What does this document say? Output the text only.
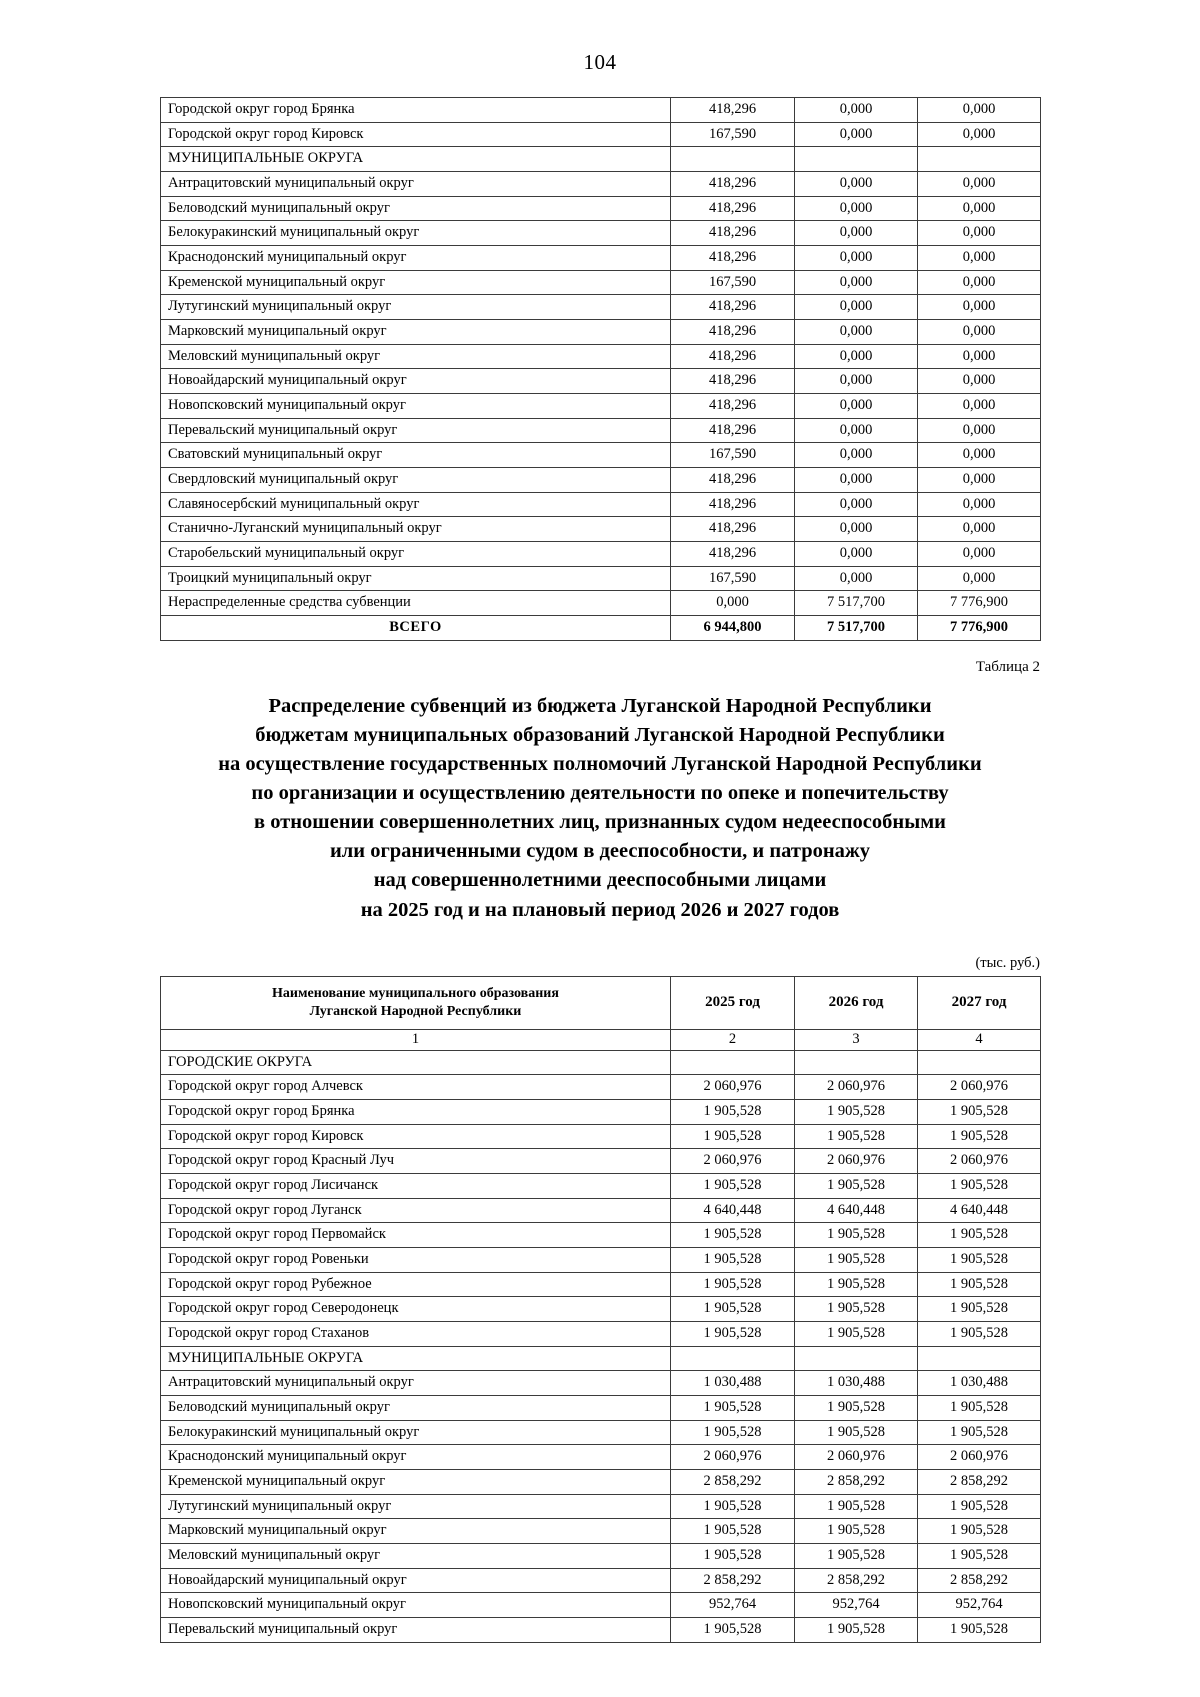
104
Городской округ город Брянка	418,296	0,000	0,000
Городской округ город Кировск	167,590	0,000	0,000
МУНИЦИПАЛЬНЫЕ ОКРУГА			
Антрацитовский муниципальный округ	418,296	0,000	0,000
Беловодский муниципальный округ	418,296	0,000	0,000
Белокуракинский муниципальный округ	418,296	0,000	0,000
Краснодонский муниципальный округ	418,296	0,000	0,000
Кременской муниципальный округ	167,590	0,000	0,000
Лутугинский муниципальный округ	418,296	0,000	0,000
Марковский муниципальный округ	418,296	0,000	0,000
Меловский муниципальный округ	418,296	0,000	0,000
Новоайдарский муниципальный округ	418,296	0,000	0,000
Новопсковский муниципальный округ	418,296	0,000	0,000
Перевальский муниципальный округ	418,296	0,000	0,000
Сватовский муниципальный округ	167,590	0,000	0,000
Свердловский муниципальный округ	418,296	0,000	0,000
Славяносербский муниципальный округ	418,296	0,000	0,000
Станично-Луганский муниципальный округ	418,296	0,000	0,000
Старобельский муниципальный округ	418,296	0,000	0,000
Троицкий муниципальный округ	167,590	0,000	0,000
Нераспределенные средства субвенции	0,000	7 517,700	7 776,900
ВСЕГО	6 944,800	7 517,700	7 776,900
Таблица 2
Распределение субвенций из бюджета Луганской Народной Республики
бюджетам муниципальных образований Луганской Народной Республики
на осуществление государственных полномочий Луганской Народной Республики
по организации и осуществлению деятельности по опеке и попечительству
в отношении совершеннолетних лиц, признанных судом недееспособными
или ограниченными судом в дееспособности, и патронажу
над совершеннолетними дееспособными лицами
на 2025 год и на плановый период 2026 и 2027 годов
(тыс. руб.)
Наименование муниципального образования
Луганской Народной Республики	2025 год	2026 год	2027 год
1	2	3	4
ГОРОДСКИЕ ОКРУГА			
Городской округ город Алчевск	2 060,976	2 060,976	2 060,976
Городской округ город Брянка	1 905,528	1 905,528	1 905,528
Городской округ город Кировск	1 905,528	1 905,528	1 905,528
Городской округ город Красный Луч	2 060,976	2 060,976	2 060,976
Городской округ город Лисичанск	1 905,528	1 905,528	1 905,528
Городской округ город Луганск	4 640,448	4 640,448	4 640,448
Городской округ город Первомайск	1 905,528	1 905,528	1 905,528
Городской округ город Ровеньки	1 905,528	1 905,528	1 905,528
Городской округ город Рубежное	1 905,528	1 905,528	1 905,528
Городской округ город Северодонецк	1 905,528	1 905,528	1 905,528
Городской округ город Стаханов	1 905,528	1 905,528	1 905,528
МУНИЦИПАЛЬНЫЕ ОКРУГА			
Антрацитовский муниципальный округ	1 030,488	1 030,488	1 030,488
Беловодский муниципальный округ	1 905,528	1 905,528	1 905,528
Белокуракинский муниципальный округ	1 905,528	1 905,528	1 905,528
Краснодонский муниципальный округ	2 060,976	2 060,976	2 060,976
Кременской муниципальный округ	2 858,292	2 858,292	2 858,292
Лутугинский муниципальный округ	1 905,528	1 905,528	1 905,528
Марковский муниципальный округ	1 905,528	1 905,528	1 905,528
Меловский муниципальный округ	1 905,528	1 905,528	1 905,528
Новоайдарский муниципальный округ	2 858,292	2 858,292	2 858,292
Новопсковский муниципальный округ	952,764	952,764	952,764
Перевальский муниципальный округ	1 905,528	1 905,528	1 905,528
